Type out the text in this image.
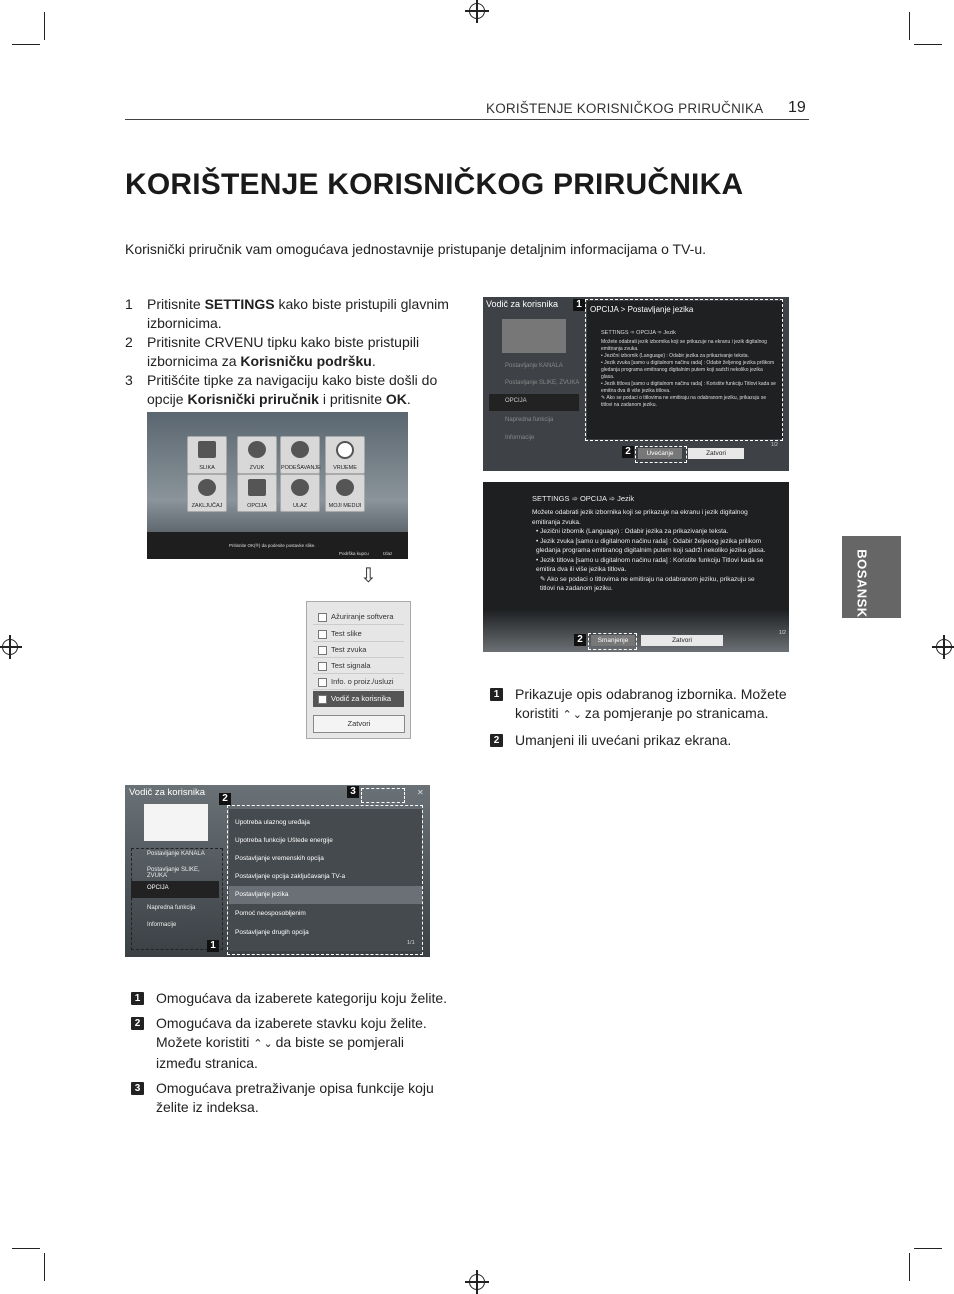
KORIŠTENJE KORISNIČKOG PRIRUČNIKA 19
KORIŠTENJE KORISNIČKOG PRIRUČNIKA
Korisnički priručnik vam omogućava jednostavnije pristupanje detaljnim informacijama o TV-u.
1	Pritisnite SETTINGS kako biste pristupili glavnim izbornicima.
2	Pritisnite CRVENU tipku kako biste pristupili izbornicima za Korisničku podršku.
3	Pritišćite tipke za navigaciju kako biste došli do opcije Korisnički priručnik i pritisnite OK.
BOSANSKI
SLIKA	ZVUK	PODEŠAVANJE	VRIJEME
ZAKLJUČAJ	OPCIJA	ULAZ	MOJI MEDIJI
Pritisnite OK(®) da podesite postavke slike.
Podrška kupcu	Izlaz
⇩
Ažuriranje softvera
Test slike
Test zvuka
Test signala
Info. o proiz./usluzi
Vodič za korisnika
Zatvori
Vodič za korisnika
Postavljanje KANALA
Postavljanje SLIKE, ZVUKA
OPCIJA
Napredna funkcija
Informacije
Upotreba ulaznog uređaja
Upotreba funkcije Uštede energije
Postavljanje vremenskih opcija
Postavljanje opcija zaključavanja TV-a
Postavljanje jezika
Pomoć neosposobljenim
Postavljanje drugih opcija
1/1
1
2
3	✕
1 Omogućava da izaberete kategoriju koju želite.
2 Omogućava da izaberete stavku koju želite. Možete koristiti ⌃ ⌄ da biste se pomjerali između stranica.
3 Omogućava pretraživanje opisa funkcije koju želite iz indeksa.
Vodič za korisnika
Postavljanje KANALA
Postavljanje SLIKE, ZVUKA
OPCIJA
Napredna funkcija
Informacije
OPCIJA > Postavljanje jezika
SETTINGS ➾ OPCIJA ➾ Jezik
Možete odabrati jezik izbornika koji se prikazuje na ekranu i jezik digitalnog emitiranja zvuka.
• Jezični izbornik (Language) : Odabir jezika za prikazivanje teksta.
• Jezik zvuka [samo u digitalnom načinu rada] : Odabir željenog jezika prilikom gledanja programa emitiranog digitalnim putem koji sadrži nekoliko jezika glasa.
• Jezik titlova [samo u digitalnom načinu rada] : Koristite funkciju Titlovi kada se emitira dva ili više jezika titlova.
✎ Ako se podaci o titlovima ne emitiraju na odabranom jeziku, prikazuju se titlovi na zadanom jeziku.
Uvećanje	Zatvori
1/2
1
2
SETTINGS ➾ OPCIJA ➾ Jezik
Možete odabrati jezik izbornika koji se prikazuje na ekranu i jezik digitalnog emitiranja zvuka.
• Jezični izbornik (Language) : Odabir jezika za prikazivanje teksta.
• Jezik zvuka [samo u digitalnom načinu rada] : Odabir željenog jezika prilikom gledanja programa emitiranog digitalnim putem koji sadrži nekoliko jezika glasa.
• Jezik titlova [samo u digitalnom načinu rada] : Koristite funkciju Titlovi kada se emitira dva ili više jezika titlova.
✎ Ako se podaci o titlovima ne emitiraju na odabranom jeziku, prikazuju se titlovi na zadanom jeziku.
Smanjenje	Zatvori
1/2
2
1 Prikazuje opis odabranog izbornika. Možete koristiti ⌃ ⌄ za pomjeranje po stranicama.
2 Umanjeni ili uvećani prikaz ekrana.
